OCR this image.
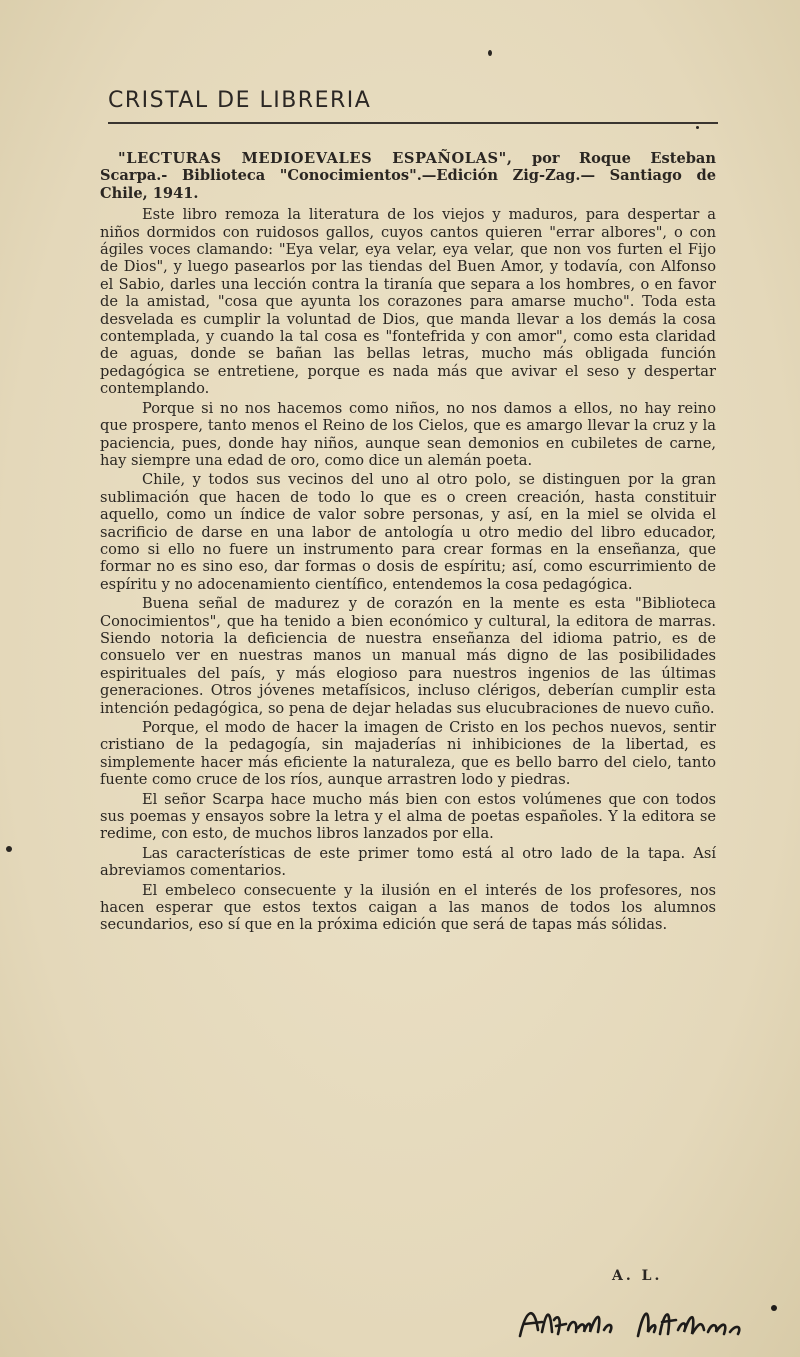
CRISTAL DE LIBRERIA

"LECTURAS MEDIOEVALES ESPAÑOLAS", por Roque Esteban Scarpa.- Biblioteca "Conocimientos".—Edición Zig-Zag.— Santiago de Chile, 1941.

Este libro remoza la literatura de los viejos y maduros, para despertar a niños dormidos con ruidosos gallos, cuyos cantos quieren "errar albores", o con ágiles voces clamando: "Eya velar, eya velar, eya velar, que non vos furten el Fijo de Dios", y luego pasearlos por las tiendas del Buen Amor, y todavía, con Alfonso el Sabio, darles una lección contra la tiranía que separa a los hombres, o en favor de la amistad, "cosa que ayunta los corazones para amarse mucho". Toda esta desvelada es cumplir la voluntad de Dios, que manda llevar a los demás la cosa contemplada, y cuando la tal cosa es "fontefrida y con amor", como esta claridad de aguas, donde se bañan las bellas letras, mucho más obligada función pedagógica se entretiene, porque es nada más que avivar el seso y despertar contemplando.

Porque si no nos hacemos como niños, no nos damos a ellos, no hay reino que prospere, tanto menos el Reino de los Cielos, que es amargo llevar la cruz y la paciencia, pues, donde hay niños, aunque sean demonios en cubiletes de carne, hay siempre una edad de oro, como dice un alemán poeta.

Chile, y todos sus vecinos del uno al otro polo, se distinguen por la gran sublimación que hacen de todo lo que es o creen creación, hasta constituir aquello, como un índice de valor sobre personas, y así, en la miel se olvida el sacrificio de darse en una labor de antología u otro medio del libro educador, como si ello no fuere un instrumento para crear formas en la enseñanza, que formar no es sino eso, dar formas o dosis de espíritu; así, como escurrimiento de espíritu y no adocenamiento científico, entendemos la cosa pedagógica.

Buena señal de madurez y de corazón en la mente es esta "Biblioteca Conocimientos", que ha tenido a bien económico y cultural, la editora de marras. Siendo notoria la deficiencia de nuestra enseñanza del idioma patrio, es de consuelo ver en nuestras manos un manual más digno de las posibilidades espirituales del país, y más elogioso para nuestros ingenios de las últimas generaciones. Otros jóvenes metafísicos, incluso clérigos, deberían cumplir esta intención pedagógica, so pena de dejar heladas sus elucubraciones de nuevo cuño.

Porque, el modo de hacer la imagen de Cristo en los pechos nuevos, sentir cristiano de la pedagogía, sin majaderías ni inhibiciones de la libertad, es simplemente hacer más eficiente la naturaleza, que es bello barro del cielo, tanto fuente como cruce de los ríos, aunque arrastren lodo y piedras.

El señor Scarpa hace mucho más bien con estos volúmenes que con todos sus poemas y ensayos sobre la letra y el alma de poetas españoles. Y la editora se redime, con esto, de muchos libros lanzados por ella.

Las características de este primer tomo está al otro lado de la tapa. Así abreviamos comentarios.

El embeleco consecuente y la ilusión en el interés de los profesores, nos hacen esperar que estos textos caigan a las manos de todos los alumnos secundarios, eso sí que en la próxima edición que será de tapas más sólidas.

A. L.
